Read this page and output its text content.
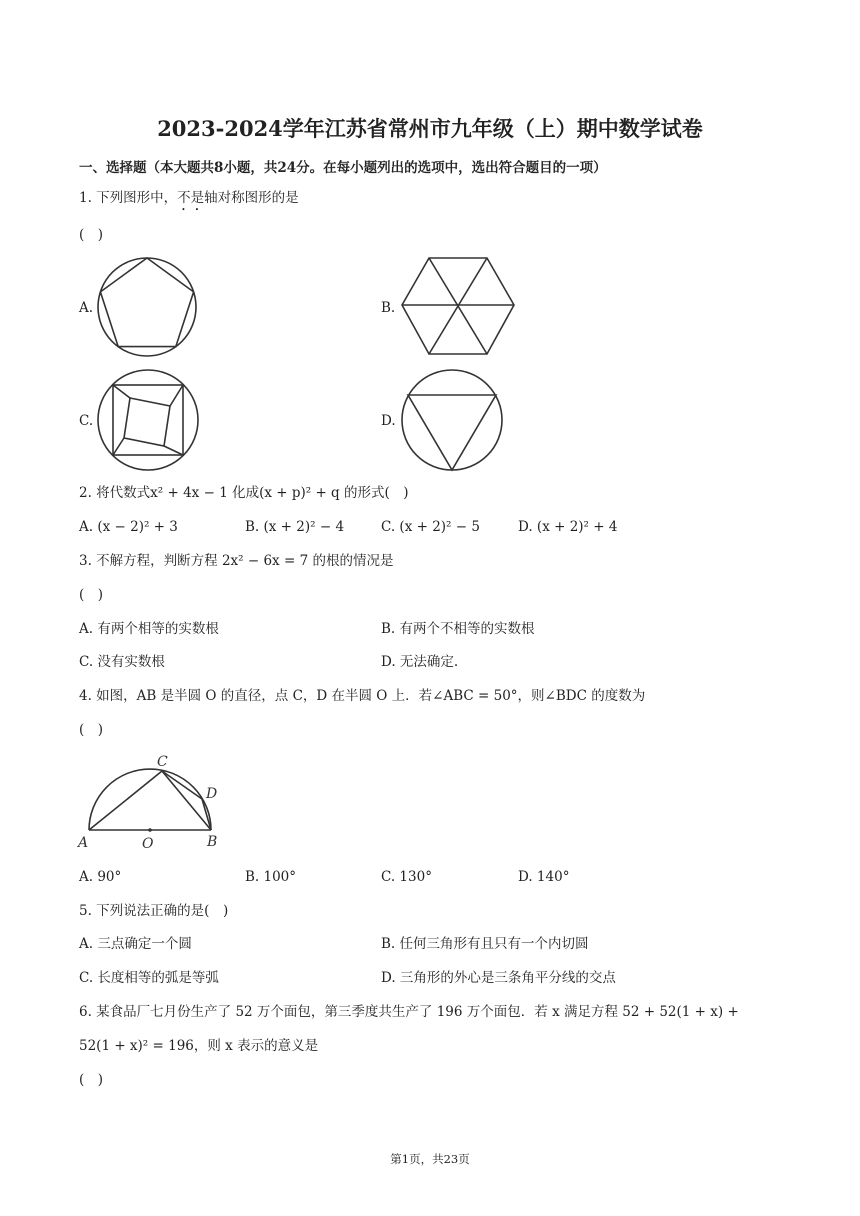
2023-2024学年江苏省常州市九年级（上）期中数学试卷
一、选择题（本大题共8小题，共24分。在每小题列出的选项中，选出符合题目的一项）
1. 下列图形中，不是轴对称图形的是
(　)
A.	B.
C.	D.
2. 将代数式x² + 4x − 1 化成(x + p)² + q 的形式(　)
A. (x − 2)² + 3	B. (x + 2)² − 4	C. (x + 2)² − 5	D. (x + 2)² + 4
3. 不解方程，判断方程 2x² − 6x = 7 的根的情况是
(　)
A. 有两个相等的实数根	B. 有两个不相等的实数根
C. 没有实数根	D. 无法确定.
4. 如图，AB 是半圆 O 的直径，点 C，D 在半圆 O 上．若∠ABC = 50°，则∠BDC 的度数为
(　)
A	O	B
C
D
A. 90°	B. 100°	C. 130°	D. 140°
5. 下列说法正确的是(　)
A. 三点确定一个圆	B. 任何三角形有且只有一个内切圆
C. 长度相等的弧是等弧	D. 三角形的外心是三条角平分线的交点
6. 某食品厂七月份生产了 52 万个面包，第三季度共生产了 196 万个面包．若 x 满足方程 52 + 52(1 + x) +
52(1 + x)² = 196，则 x 表示的意义是
(　)
第1页，共23页
